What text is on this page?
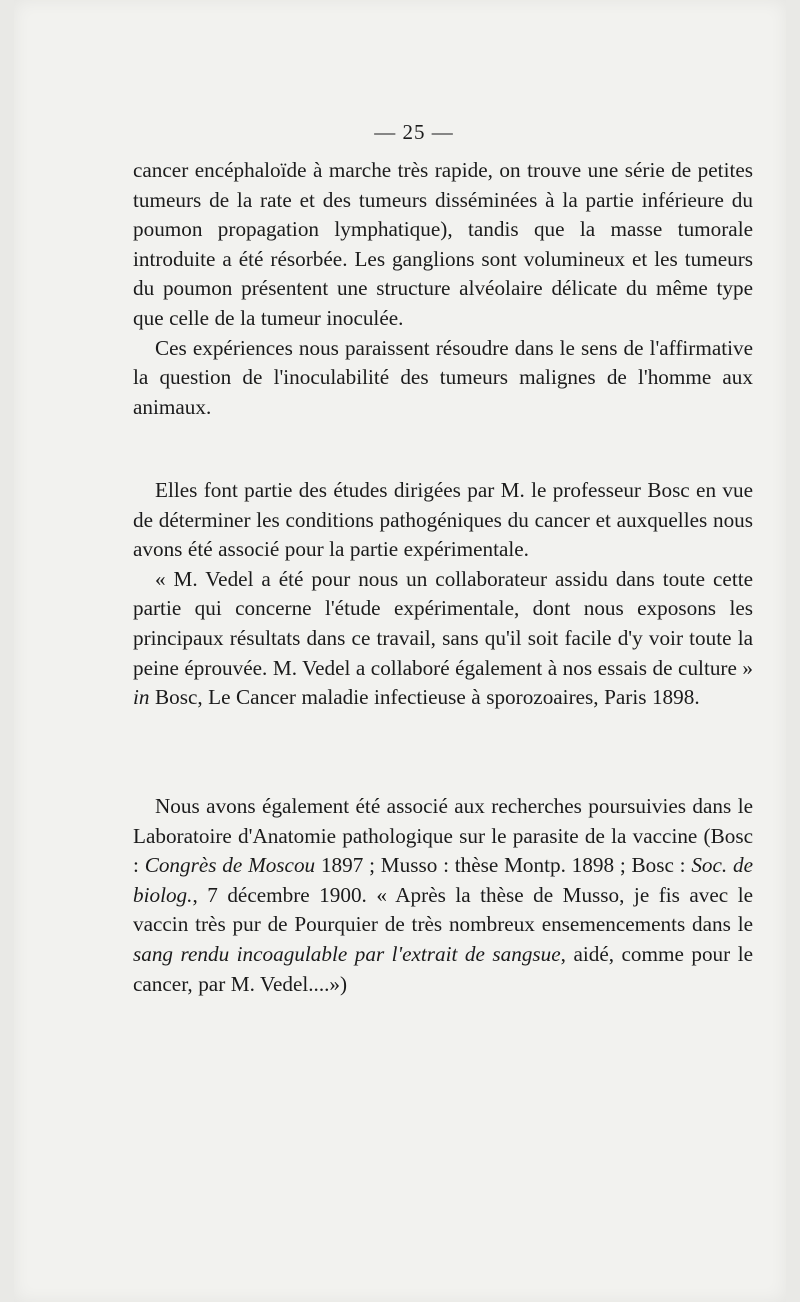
— 25 —

cancer encéphaloïde à marche très rapide, on trouve une série de petites tumeurs de la rate et des tumeurs disséminées à la partie inférieure du poumon propagation lymphatique), tandis que la masse tumorale introduite a été résorbée. Les ganglions sont volumineux et les tumeurs du poumon présentent une structure alvéolaire délicate du même type que celle de la tumeur inoculée.

Ces expériences nous paraissent résoudre dans le sens de l'affirmative la question de l'inoculabilité des tumeurs malignes de l'homme aux animaux.

Elles font partie des études dirigées par M. le professeur Bosc en vue de déterminer les conditions pathogéniques du cancer et auxquelles nous avons été associé pour la partie expérimentale.

« M. Vedel a été pour nous un collaborateur assidu dans toute cette partie qui concerne l'étude expérimentale, dont nous exposons les principaux résultats dans ce travail, sans qu'il soit facile d'y voir toute la peine éprouvée. M. Vedel a collaboré également à nos essais de culture » in Bosc, Le Cancer maladie infectieuse à sporozoaires, Paris 1898.

Nous avons également été associé aux recherches poursuivies dans le Laboratoire d'Anatomie pathologique sur le parasite de la vaccine (Bosc : Congrès de Moscou 1897 ; Musso : thèse Montp. 1898 ; Bosc : Soc. de biolog., 7 décembre 1900. « Après la thèse de Musso, je fis avec le vaccin très pur de Pourquier de très nombreux ensemencements dans le sang rendu incoagulable par l'extrait de sangsue, aidé, comme pour le cancer, par M. Vedel....»)
